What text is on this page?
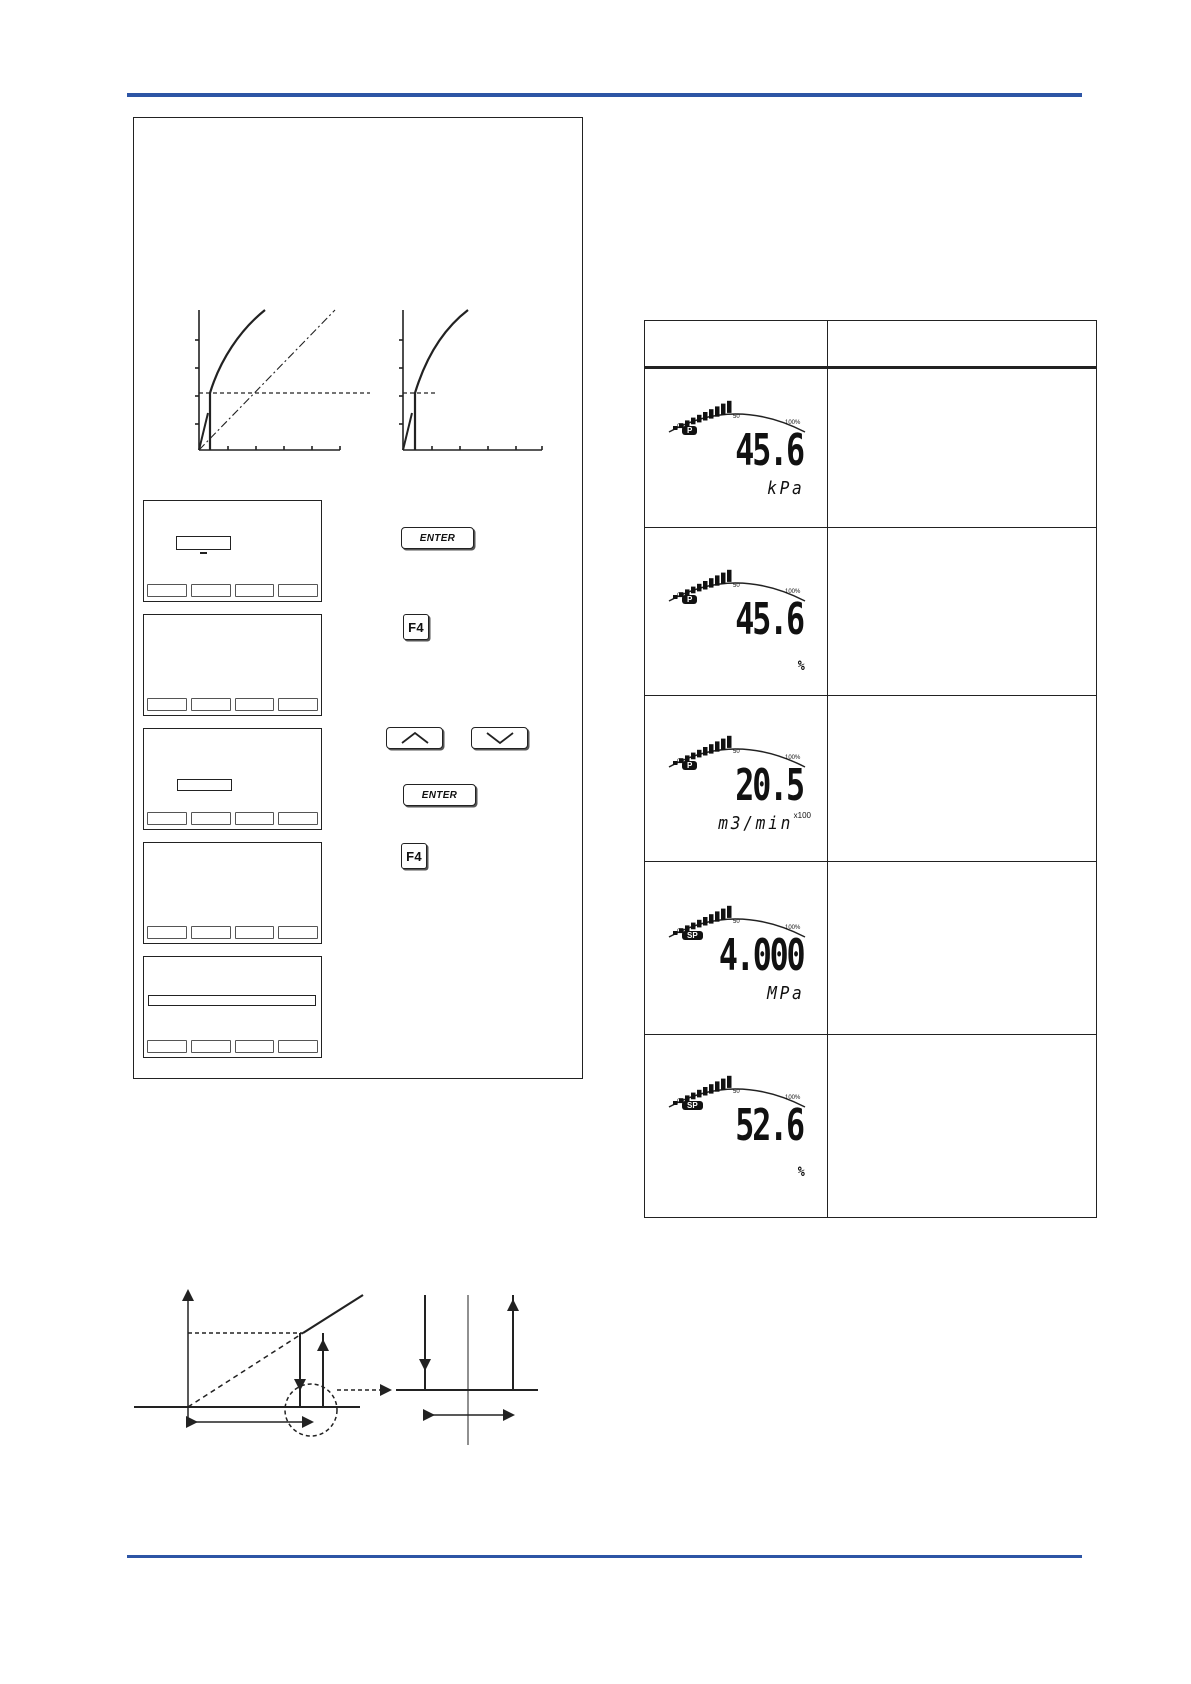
ENTER
F4
ENTER
F4
0
50
100%
P 45.6
kPa
0
50
100%
P 45.6
%
0
50
100%
P 20.5
m3/min x100
0
50
100%
SP 4.000
MPa
0
50
100%
SP 52.6
%
